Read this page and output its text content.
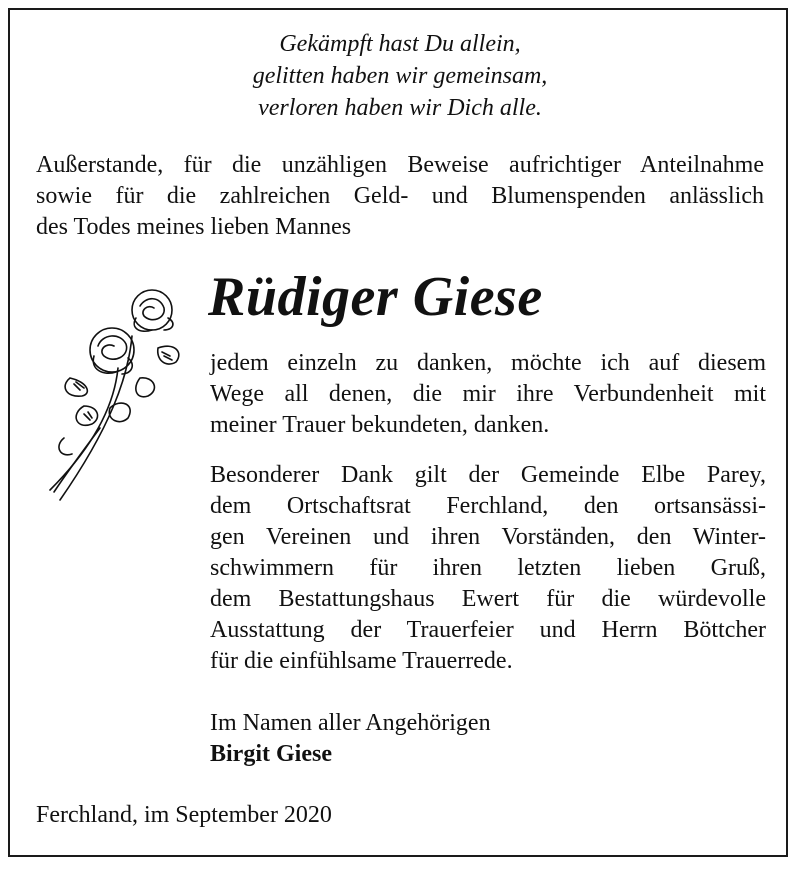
Gekämpft hast Du allein,
gelitten haben wir gemeinsam,
verloren haben wir Dich alle.
Außerstande, für die unzähligen Beweise aufrichtiger Anteilnahme
sowie für die zahlreichen Geld- und Blumenspenden anlässlich
des Todes meines lieben Mannes
Rüdiger Giese
jedem einzeln zu danken, möchte ich auf diesem
Wege all denen, die mir ihre Verbundenheit mit
meiner Trauer bekundeten, danken.
Besonderer Dank gilt der Gemeinde Elbe Parey,
dem Ortschaftsrat Ferchland, den ortsansässi-
gen Vereinen und ihren Vorständen, den Winter-
schwimmern für ihren letzten lieben Gruß,
dem Bestattungshaus Ewert für die würdevolle
Ausstattung der Trauerfeier und Herrn Böttcher
für die einfühlsame Trauerrede.
Im Namen aller Angehörigen
Birgit Giese
Ferchland, im September 2020
